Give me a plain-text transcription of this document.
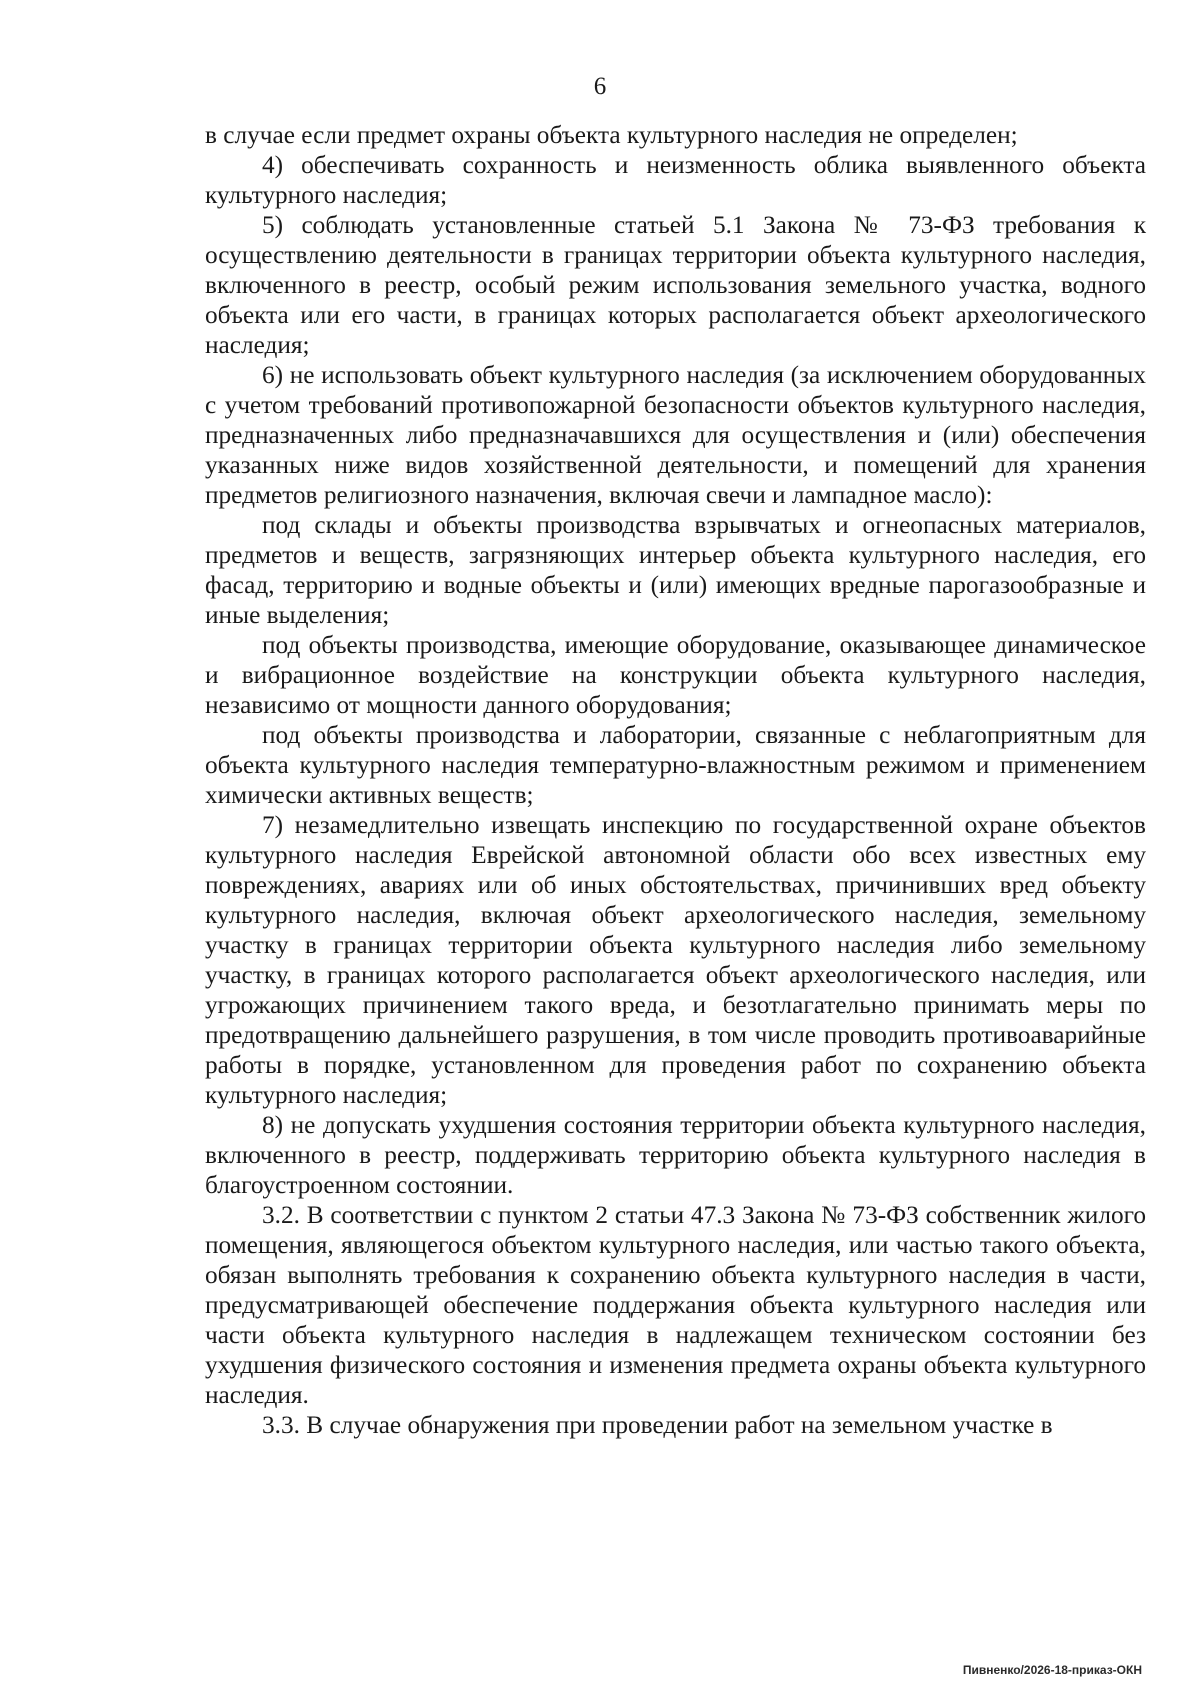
6

в случае если предмет охраны объекта культурного наследия не определен;

4) обеспечивать сохранность и неизменность облика выявленного объекта культурного наследия;

5) соблюдать установленные статьей 5.1 Закона № 73-ФЗ требования к осуществлению деятельности в границах территории объекта культурного наследия, включенного в реестр, особый режим использования земельного участка, водного объекта или его части, в границах которых располагается объект археологического наследия;

6) не использовать объект культурного наследия (за исключением оборудованных с учетом требований противопожарной безопасности объектов культурного наследия, предназначенных либо предназначавшихся для осуществления и (или) обеспечения указанных ниже видов хозяйственной деятельности, и помещений для хранения предметов религиозного назначения, включая свечи и лампадное масло):

под склады и объекты производства взрывчатых и огнеопасных материалов, предметов и веществ, загрязняющих интерьер объекта культурного наследия, его фасад, территорию и водные объекты и (или) имеющих вредные парогазообразные и иные выделения;

под объекты производства, имеющие оборудование, оказывающее динамическое и вибрационное воздействие на конструкции объекта культурного наследия, независимо от мощности данного оборудования;

под объекты производства и лаборатории, связанные с неблагоприятным для объекта культурного наследия температурно-влажностным режимом и применением химически активных веществ;

7) незамедлительно извещать инспекцию по государственной охране объектов культурного наследия Еврейской автономной области обо всех известных ему повреждениях, авариях или об иных обстоятельствах, причинивших вред объекту культурного наследия, включая объект археологического наследия, земельному участку в границах территории объекта культурного наследия либо земельному участку, в границах которого располагается объект археологического наследия, или угрожающих причинением такого вреда, и безотлагательно принимать меры по предотвращению дальнейшего разрушения, в том числе проводить противоаварийные работы в порядке, установленном для проведения работ по сохранению объекта культурного наследия;

8) не допускать ухудшения состояния территории объекта культурного наследия, включенного в реестр, поддерживать территорию объекта культурного наследия в благоустроенном состоянии.

3.2. В соответствии с пунктом 2 статьи 47.3 Закона № 73-ФЗ собственник жилого помещения, являющегося объектом культурного наследия, или частью такого объекта, обязан выполнять требования к сохранению объекта культурного наследия в части, предусматривающей обеспечение поддержания объекта культурного наследия или части объекта культурного наследия в надлежащем техническом состоянии без ухудшения физического состояния и изменения предмета охраны объекта культурного наследия.

3.3. В случае обнаружения при проведении работ на земельном участке в

Пивненко/2026-18-приказ-ОКН
